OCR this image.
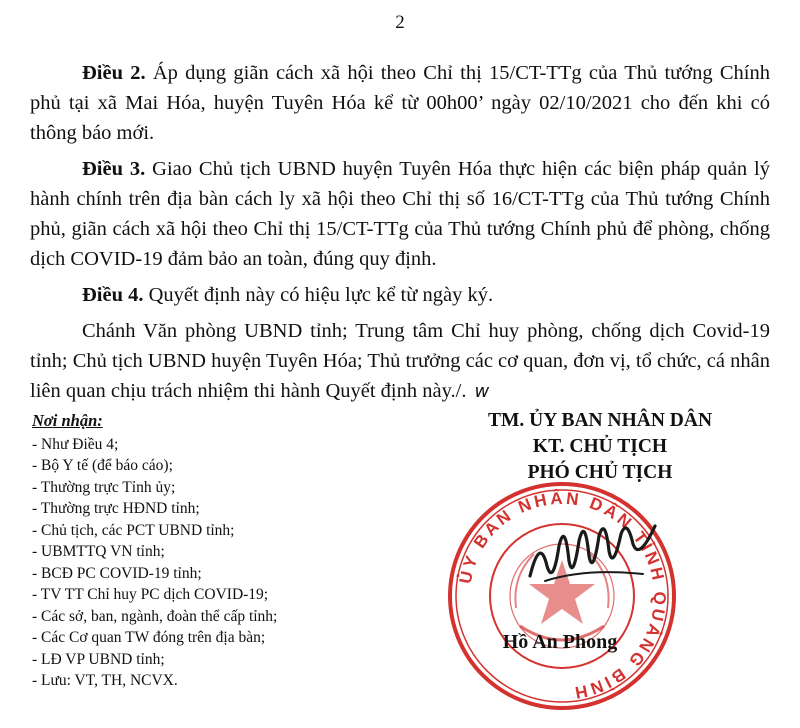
2

Điều 2. Áp dụng giãn cách xã hội theo Chỉ thị 15/CT-TTg của Thủ tướng Chính phủ tại xã Mai Hóa, huyện Tuyên Hóa kể từ 00h00’ ngày 02/10/2021 cho đến khi có thông báo mới.

Điều 3. Giao Chủ tịch UBND huyện Tuyên Hóa thực hiện các biện pháp quản lý hành chính trên địa bàn cách ly xã hội theo Chỉ thị số 16/CT-TTg của Thủ tướng Chính phủ, giãn cách xã hội theo Chỉ thị 15/CT-TTg của Thủ tướng Chính phủ để phòng, chống dịch COVID-19 đảm bảo an toàn, đúng quy định.

Điều 4. Quyết định này có hiệu lực kể từ ngày ký.

Chánh Văn phòng UBND tỉnh; Trung tâm Chỉ huy phòng, chống dịch Covid-19 tỉnh; Chủ tịch UBND huyện Tuyên Hóa; Thủ trưởng các cơ quan, đơn vị, tổ chức, cá nhân liên quan chịu trách nhiệm thi hành Quyết định này./. w

Nơi nhận:
- Như Điều 4;
- Bộ Y tế (để báo cáo);
- Thường trực Tỉnh ủy;
- Thường trực HĐND tỉnh;
- Chủ tịch, các PCT UBND tỉnh;
- UBMTTQ VN tỉnh;
- BCĐ PC COVID-19 tỉnh;
- TV TT Chỉ huy PC dịch COVID-19;
- Các sở, ban, ngành, đoàn thể cấp tỉnh;
- Các Cơ quan TW đóng trên địa bàn;
- LĐ VP UBND tỉnh;
- Lưu: VT, TH, NCVX.
TM. ỦY BAN NHÂN DÂN
KT. CHỦ TỊCH
PHÓ CHỦ TỊCH
ỦY BAN NHÂN DÂN TỈNH QUẢNG BÌNH
Hồ An Phong
